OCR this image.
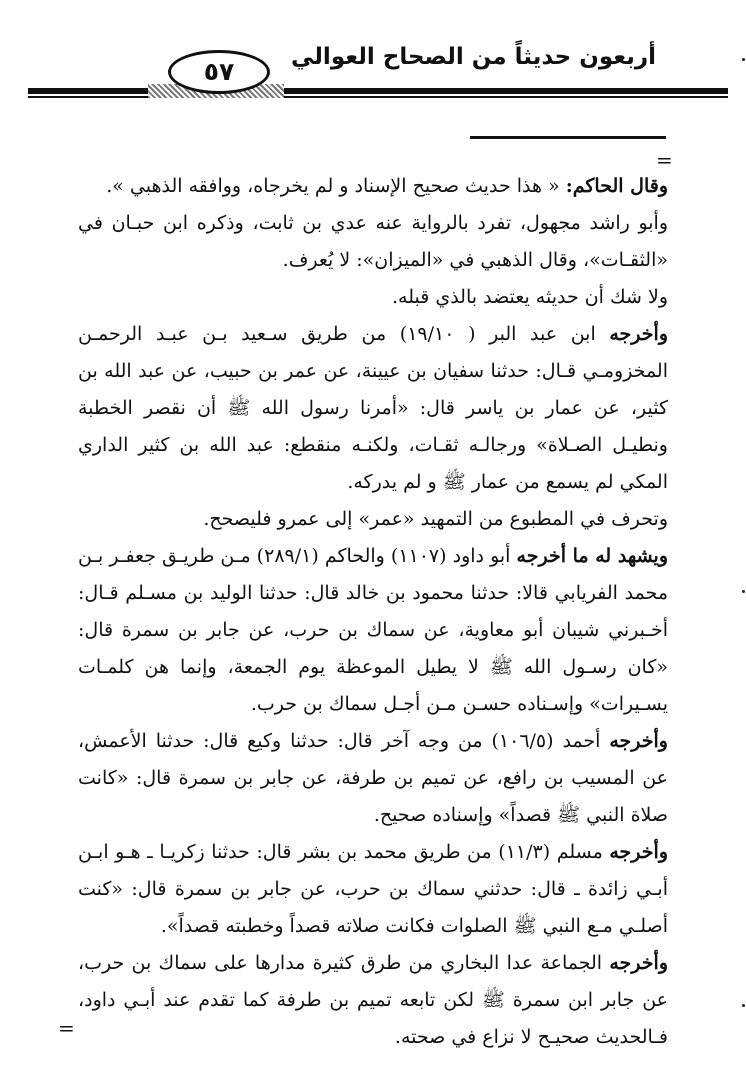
أربعون حديثاً من الصحاح العوالي
٥٧
=
=

وقال الحاكم: « هذا حديث صحيح الإسناد و لم يخرجاه، ووافقه الذهبي ».

وأبو راشد مجهول، تفرد بالرواية عنه عدي بن ثابت، وذكره ابن حبـان في «الثقـات»، وقال الذهبي في «الميزان»: لا يُعرف.

ولا شك أن حديثه يعتضد بالذي قبله.

وأخرجه ابن عبد البر ( ١٩/١٠) من طريق سـعيد بـن عبـد الرحمـن المخزومـي قـال: حدثنا سفيان بن عيينة، عن عمر بن حبيب، عن عبد الله بن كثير، عن عمار بن ياسر قال: «أمرنا رسول الله ﷺ أن نقصر الخطبة ونطيـل الصـلاة» ورجالـه ثقـات، ولكنـه منقطع: عبد الله بن كثير الداري المكي لم يسمع من عمار ﷺ و لم يدركه.

وتحرف في المطبوع من التمهيد «عمر» إلى عمرو فليصحح.

ويشهد له ما أخرجه أبو داود (١١٠٧) والحاكم (٢٨٩/١) مـن طريـق جعفـر بـن محمد الفريابي قالا: حدثنا محمود بن خالد قال: حدثنا الوليد بن مسـلم قـال: أخـبرني شيبان أبو معاوية، عن سماك بن حرب، عن جابر بن سمرة قال: «كان رسـول الله ﷺ لا يطيل الموعظة يوم الجمعة، وإنما هن كلمـات يسـيرات» وإسـناده حسـن مـن أجـل سماك بن حرب.

وأخرجه أحمد (١٠٦/٥) من وجه آخر قال: حدثنا وكيع قال: حدثنا الأعمش، عن المسيب بن رافع، عن تميم بن طرفة، عن جابر بن سمرة قال: «كانت صلاة النبي ﷺ قصداً» وإسناده صحيح.

وأخرجه مسلم (١١/٣) من طريق محمد بن بشر قال: حدثنا زكريـا ـ هـو ابـن أبـي زائدة ـ قال: حدثني سماك بن حرب، عن جابر بن سمرة قال: «كنت أصلـي مـع النبي ﷺ الصلوات فكانت صلاته قصداً وخطبته قصداً».

وأخرجه الجماعة عدا البخاري من طرق كثيرة مدارها على سماك بن حرب، عن جابر ابن سمرة ﷺ لكن تابعه تميم بن طرفة كما تقدم عند أبـي داود، فـالحديث صحيـح لا نزاع في صحته.
